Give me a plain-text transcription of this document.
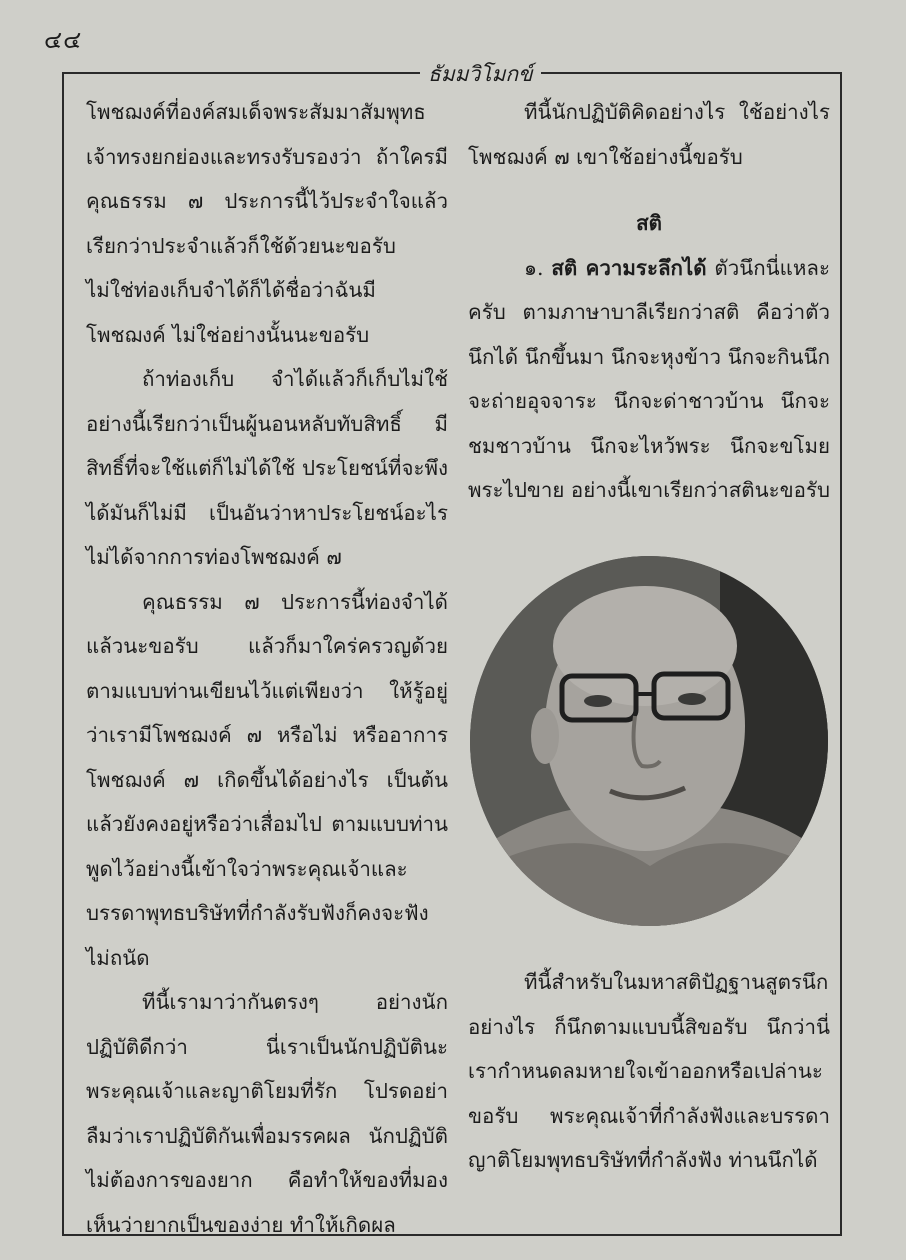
๔๔
ธัมมวิโมกข์

โพชฌงค์ที่องค์สมเด็จพระสัมมาสัมพุทธเจ้าทรงยกย่องและทรงรับรองว่า ถ้าใครมีคุณธรรม ๗ ประการนี้ไว้ประจำใจแล้วเรียกว่าประจำแล้วก็ใช้ด้วยนะขอรับ ไม่ใช่ท่องเก็บจำได้ก็ได้ชื่อว่าฉันมีโพชฌงค์ ไม่ใช่อย่างนั้นนะขอรับ

ถ้าท่องเก็บ จำได้แล้วก็เก็บไม่ใช้ อย่างนี้เรียกว่าเป็นผู้นอนหลับทับสิทธิ์ มีสิทธิ์ที่จะใช้แต่ก็ไม่ได้ใช้ ประโยชน์ที่จะพึงได้มันก็ไม่มี เป็นอันว่าหาประโยชน์อะไรไม่ได้จากการท่องโพชฌงค์ ๗

คุณธรรม ๗ ประการนี้ท่องจำได้แล้วนะขอรับ แล้วก็มาใคร่ครวญด้วย ตามแบบท่านเขียนไว้แต่เพียงว่า ให้รู้อยู่ว่าเรามีโพชฌงค์ ๗ หรือไม่ หรืออาการโพชฌงค์ ๗ เกิดขึ้นได้อย่างไร เป็นต้น แล้วยังคงอยู่หรือว่าเสื่อมไป ตามแบบท่านพูดไว้อย่างนี้เข้าใจว่าพระคุณเจ้าและบรรดาพุทธบริษัทที่กำลังรับฟังก็คงจะฟังไม่ถนัด

ทีนี้เรามาว่ากันตรงๆ อย่างนักปฏิบัติดีกว่า นี่เราเป็นนักปฏิบัตินะ พระคุณเจ้าและญาติโยมที่รัก โปรดอย่าลืมว่าเราปฏิบัติกันเพื่อมรรคผล นักปฏิบัติไม่ต้องการของยาก คือทำให้ของที่มองเห็นว่ายากเป็นของง่าย ทำให้เกิดผล

ทีนี้นักปฏิบัติคิดอย่างไร ใช้อย่างไรโพชฌงค์ ๗ เขาใช้อย่างนี้ขอรับ

สติ

๑. สติ ความระลึกได้ ตัวนึกนี่แหละครับ ตามภาษาบาลีเรียกว่าสติ คือว่าตัวนึกได้ นึกขึ้นมา นึกจะหุงข้าว นึกจะกินนึกจะถ่ายอุจจาระ นึกจะด่าชาวบ้าน นึกจะชมชาวบ้าน นึกจะไหว้พระ นึกจะขโมยพระไปขาย อย่างนี้เขาเรียกว่าสตินะขอรับ

ทีนี้สำหรับในมหาสติปัฏฐานสูตรนึกอย่างไร ก็นึกตามแบบนี้สิขอรับ นึกว่านี่เรากำหนดลมหายใจเข้าออกหรือเปล่านะขอรับ พระคุณเจ้าที่กำลังฟังและบรรดาญาติโยมพุทธบริษัทที่กำลังฟัง ท่านนึกได้
